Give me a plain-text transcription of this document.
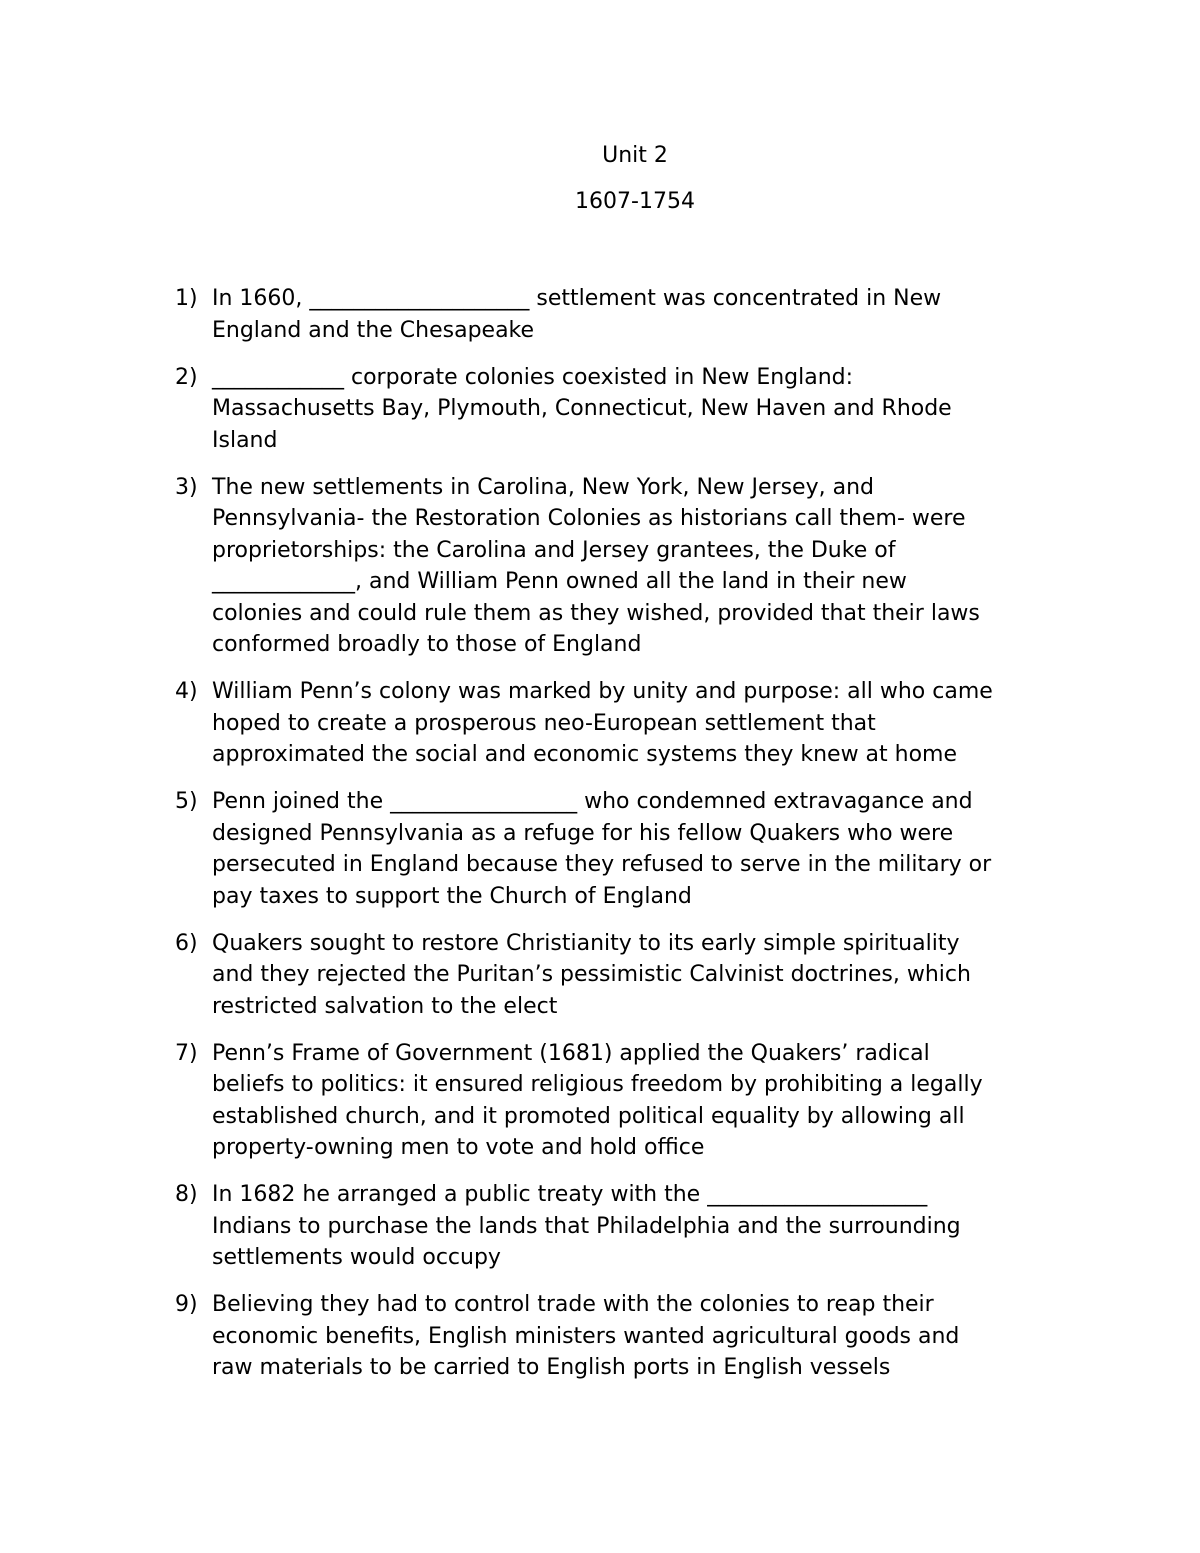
Unit 2
1607-1754
1) In 1660, ____________________ settlement was concentrated in New
England and the Chesapeake
2) ____________ corporate colonies coexisted in New England:
Massachusetts Bay, Plymouth, Connecticut, New Haven and Rhode
Island
3) The new settlements in Carolina, New York, New Jersey, and
Pennsylvania- the Restoration Colonies as historians call them- were
proprietorships: the Carolina and Jersey grantees, the Duke of
_____________, and William Penn owned all the land in their new
colonies and could rule them as they wished, provided that their laws
conformed broadly to those of England
4) William Penn’s colony was marked by unity and purpose: all who came
hoped to create a prosperous neo-European settlement that
approximated the social and economic systems they knew at home
5) Penn joined the _________________ who condemned extravagance and
designed Pennsylvania as a refuge for his fellow Quakers who were
persecuted in England because they refused to serve in the military or
pay taxes to support the Church of England
6) Quakers sought to restore Christianity to its early simple spirituality
and they rejected the Puritan’s pessimistic Calvinist doctrines, which
restricted salvation to the elect
7) Penn’s Frame of Government (1681) applied the Quakers’ radical
beliefs to politics: it ensured religious freedom by prohibiting a legally
established church, and it promoted political equality by allowing all
property-owning men to vote and hold office
8) In 1682 he arranged a public treaty with the ____________________
Indians to purchase the lands that Philadelphia and the surrounding
settlements would occupy
9) Believing they had to control trade with the colonies to reap their
economic benefits, English ministers wanted agricultural goods and
raw materials to be carried to English ports in English vessels
